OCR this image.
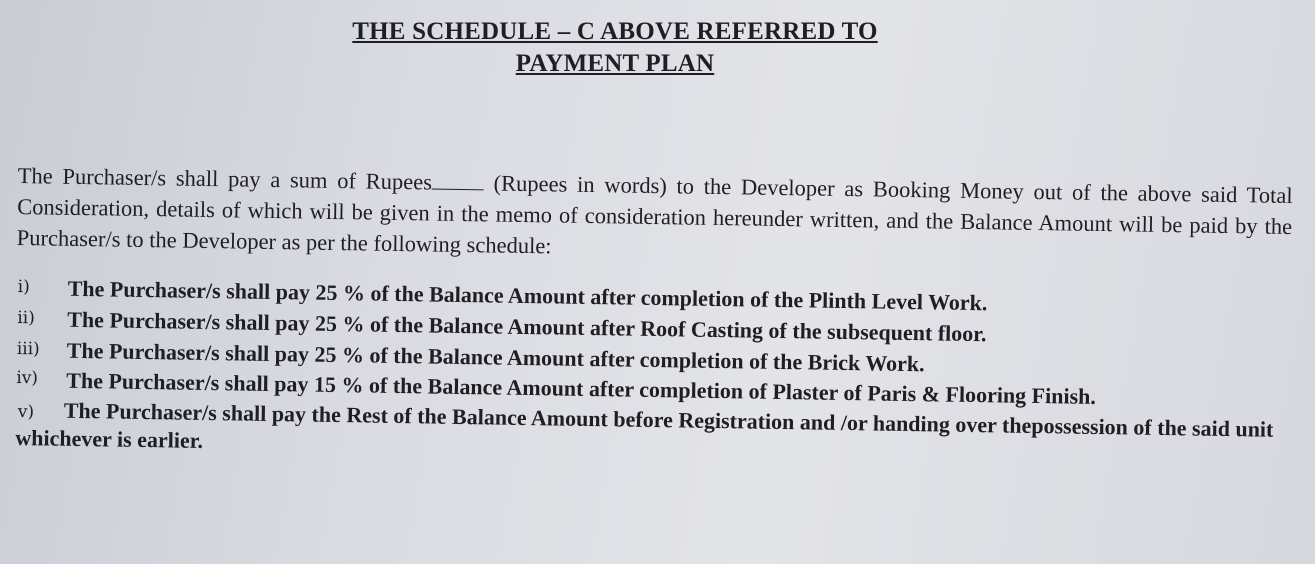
THE SCHEDULE – C ABOVE REFERRED TO

PAYMENT PLAN

The Purchaser/s shall pay a sum of Rupees (Rupees in words) to the Developer as Booking Money out of the above said Total Consideration, details of which will be given in the memo of consideration hereunder written, and the Balance Amount will be paid by the Purchaser/s to the Developer as per the following schedule:

i) The Purchaser/s shall pay 25 % of the Balance Amount after completion of the Plinth Level Work.
ii) The Purchaser/s shall pay 25 % of the Balance Amount after Roof Casting of the subsequent floor.
iii) The Purchaser/s shall pay 25 % of the Balance Amount after completion of the Brick Work.
iv) The Purchaser/s shall pay 15 % of the Balance Amount after completion of Plaster of Paris & Flooring Finish.
v) The Purchaser/s shall pay the Rest of the Balance Amount before Registration and /or handing over thepossession of the said unit whichever is earlier.
